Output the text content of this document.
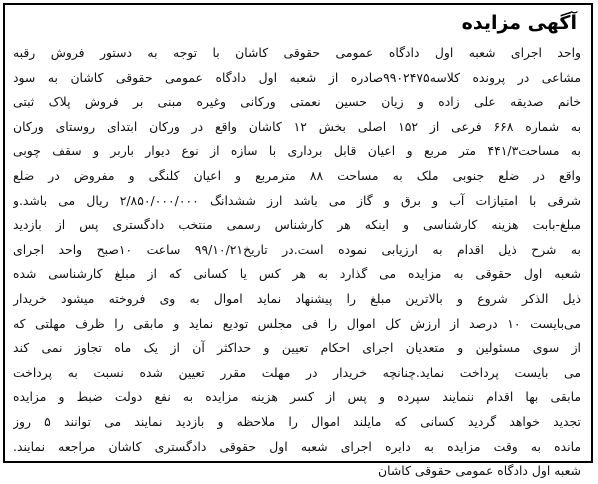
آگهی مزایده
واحد اجرای شعبه اول دادگاه عمومی حقوقی کاشان با توجه به دستور فروش رقبه
مشاعی در پرونده کلاسه۹۹۰۲۴۷۵صادره از شعبه اول دادگاه عمومی حقوقی کاشان به سود
خانم صدیقه علی زاده و زیان حسین نعمتی ورکانی وغیره مبنی بر فروش پلاک ثبتی
به شماره ۶۶۸ فرعی از ۱۵۲ اصلی بخش ۱۲ کاشان واقع در ورکان ابتدای روستای ورکان
به مساحت۴۴۱/۳ متر مربع و اعیان قابل برداری با سازه از نوع دیوار باربر و سقف چوبی
واقع در ضلع جنوبی ملک به مساحت ۸۸ مترمربع و اعیان کلنگی و مفروض در ضلع
شرقی با امتیازات آب و برق و گاز می باشد ارز ششدانگ ۲/۸۵۰/۰۰۰/۰۰۰ ریال می باشد.و
مبلغ-بابت هزینه کارشناسی و اینکه هر کارشناس رسمی منتخب دادگستری پس از بازدید
به شرح ذیل اقدام به ارزیابی نموده است.در تاریخ۹۹/۱۰/۲۱ ساعت ۱۰صبح واحد اجرای
شعبه اول حقوقی به مزایده می گذارد به هر کس یا کسانی که از مبلغ کارشناسی شده
ذیل الذکر شروع و بالاترین مبلغ را پیشنهاد نماید اموال به وی فروخته میشود خریدار
می‌بایست ۱۰ درصد از ارزش کل اموال را فی مجلس تودیع نماید و مابقی را ظرف مهلتی که
از سوی مسئولین و متعدیان اجرای احکام تعیین و حداکثر آن از یک ماه تجاوز نمی کند
می بایست پرداخت نماید.چنانچه خریدار در مهلت مقرر تعیین شده نسبت به پرداخت
مابقی بها اقدام ننمایند سپرده و پس از کسر هزینه مزایده به نفع دولت ضبط و مزایده
تجدید خواهد گردید کسانی که مایلند اموال را ملاحظه و بازدید نمایند می توانند ۵ روز
مانده به وقت مزایده به دایره اجرای شعبه اول حقوقی دادگستری کاشان مراجعه نمایند.
شعبه اول دادگاه عمومی حقوقی کاشان
